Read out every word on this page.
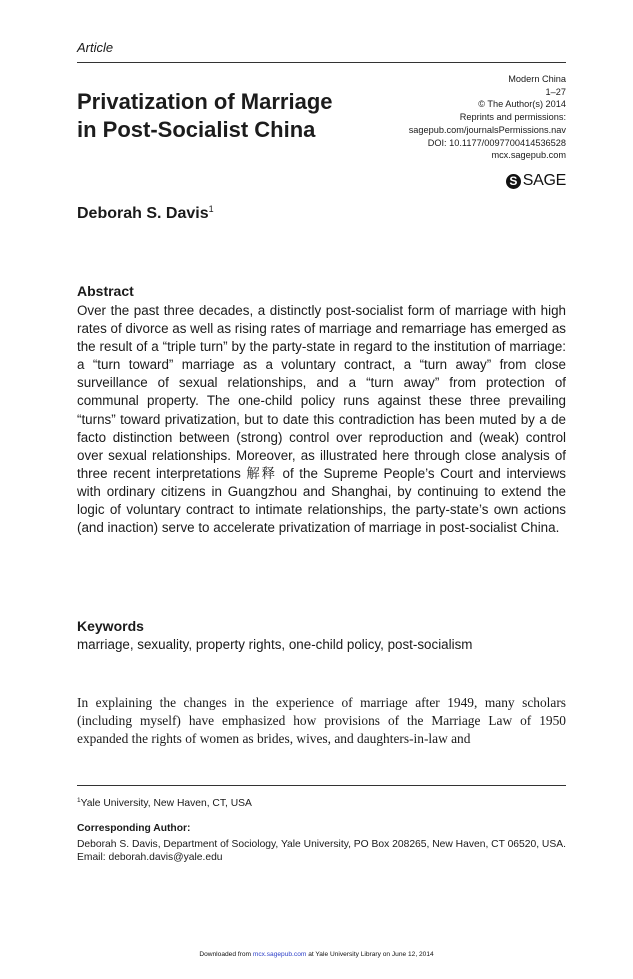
Article
Privatization of Marriage
in Post-Socialist China
Modern China
1–27
© The Author(s) 2014
Reprints and permissions:
sagepub.com/journalsPermissions.nav
DOI: 10.1177/0097700414536528
mcx.sagepub.com
S SAGE
Deborah S. Davis$^1$
Abstract
Over the past three decades, a distinctly post-socialist form of marriage with high rates of divorce as well as rising rates of marriage and remarriage has emerged as the result of a “triple turn” by the party-state in regard to the institution of marriage: a “turn toward” marriage as a voluntary contract, a “turn away” from close surveillance of sexual relationships, and a “turn away” from protection of communal property. The one-child policy runs against these three prevailing “turns” toward privatization, but to date this contradiction has been muted by a de facto distinction between (strong) control over reproduction and (weak) control over sexual relationships. Moreover, as illustrated here through close analysis of three recent interpretations 解释 of the Supreme People’s Court and interviews with ordinary citizens in Guangzhou and Shanghai, by continuing to extend the logic of voluntary contract to intimate relationships, the party-state’s own actions (and inaction) serve to accelerate privatization of marriage in post-socialist China.
Keywords
marriage, sexuality, property rights, one-child policy, post-socialism
In explaining the changes in the experience of marriage after 1949, many scholars (including myself) have emphasized how provisions of the Marriage Law of 1950 expanded the rights of women as brides, wives, and daughters-in-law and
$^1$Yale University, New Haven, CT, USA
Corresponding Author:
Deborah S. Davis, Department of Sociology, Yale University, PO Box 208265, New Haven, CT 06520, USA.
Email: deborah.davis@yale.edu
Downloaded from mcx.sagepub.com at Yale University Library on June 12, 2014
